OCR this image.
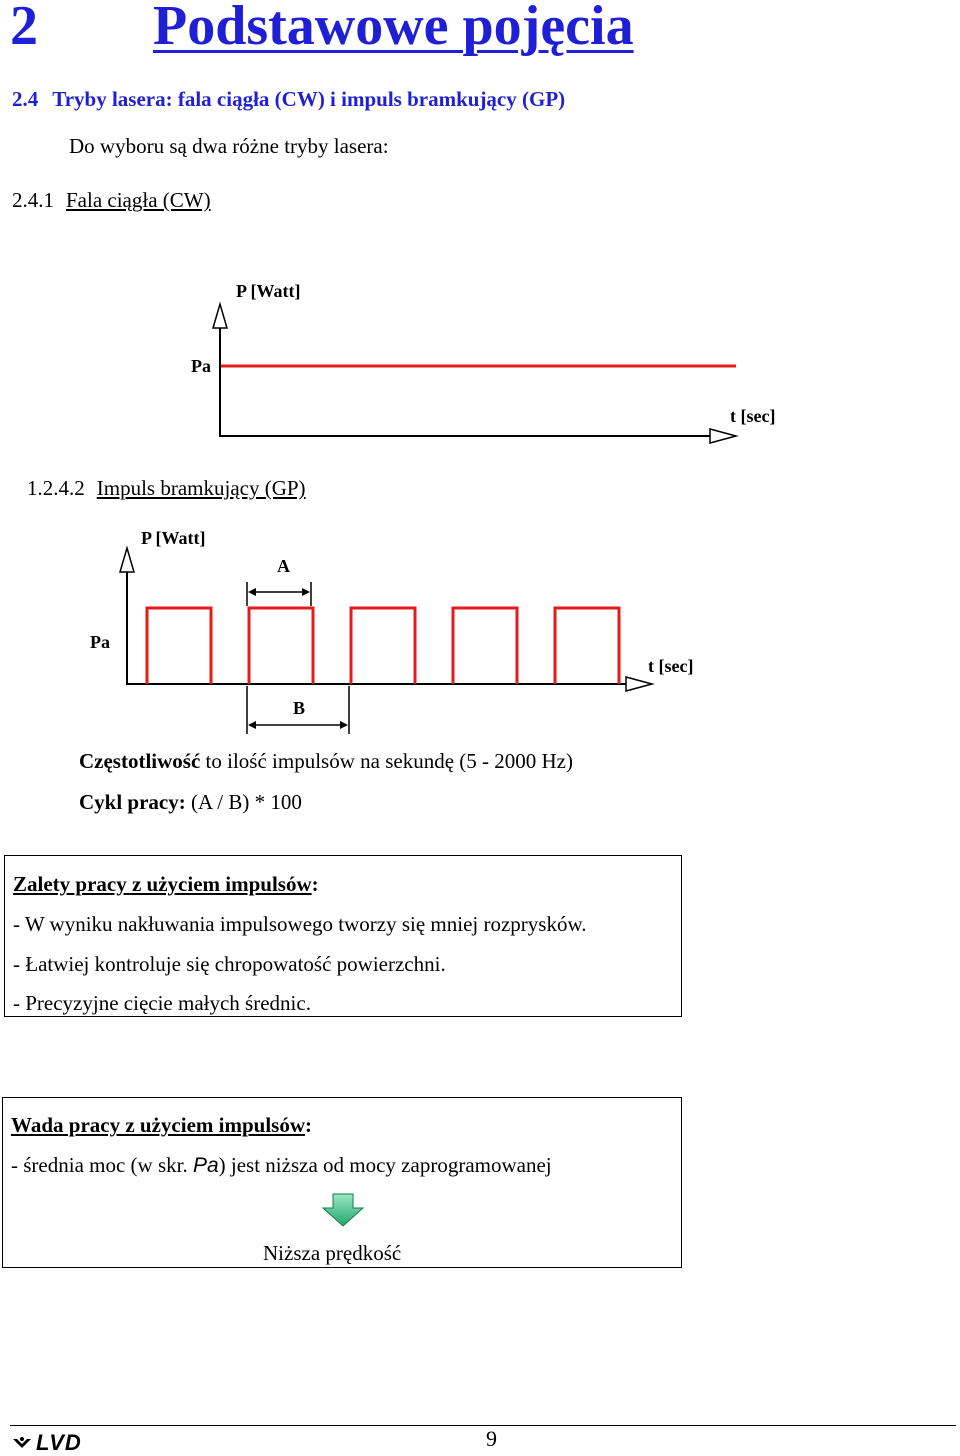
2 Podstawowe pojęcia
2.4 Tryby lasera: fala ciągła (CW) i impuls bramkujący (GP)
Do wyboru są dwa różne tryby lasera:
2.4.1 Fala ciągła (CW)
P [Watt]
Pa
t [sec]
1.2.4.2 Impuls bramkujący (GP)
A
B
P [Watt]
Pa
t [sec]
Częstotliwość to ilość impulsów na sekundę (5 - 2000 Hz)
Cykl pracy: (A / B) * 100
Zalety pracy z użyciem impulsów:
- W wyniku nakłuwania impulsowego tworzy się mniej rozprysków.
- Łatwiej kontroluje się chropowatość powierzchni.
- Precyzyjne cięcie małych średnic.
Wada pracy z użyciem impulsów:
- średnia moc (w skr. Pa) jest niższa od mocy zaprogramowanej
Niższa prędkość
LVD	9
